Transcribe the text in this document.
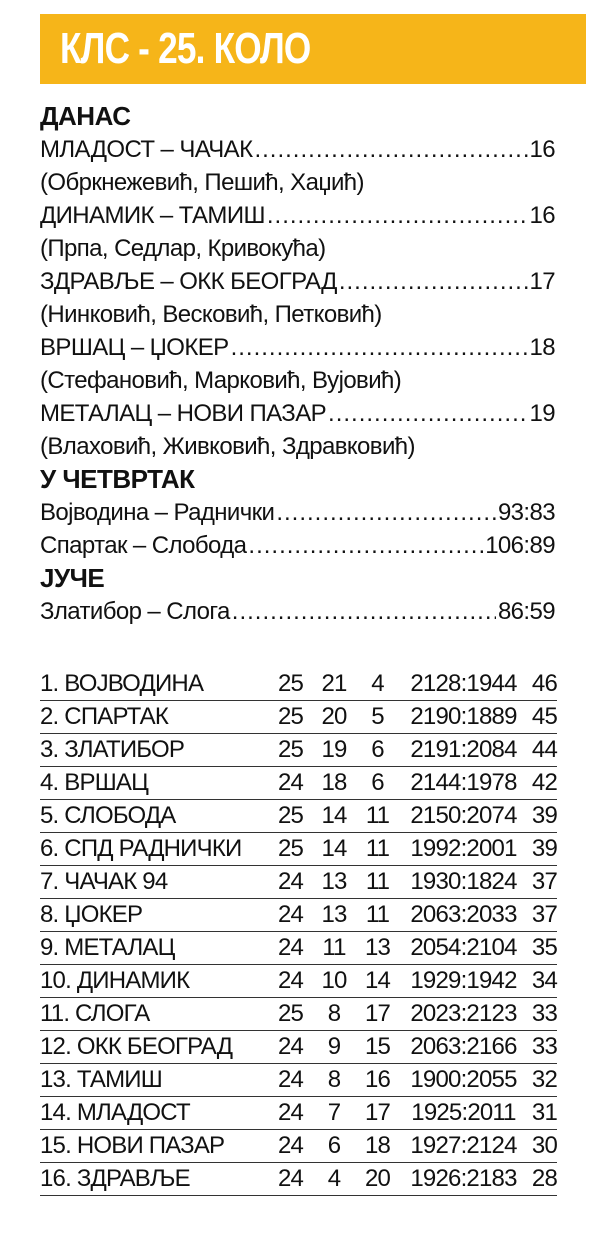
КЛС - 25. КОЛО
ДАНАС
МЛАДОСТ – ЧАЧАК .....	16
(Обркнежевић, Пешић, Хаџић)
ДИНАМИК – ТАМИШ .....	16
(Прпа, Седлар, Кривокућа)
ЗДРАВЉЕ – ОКК БЕОГРАД .....	17
(Нинковић, Весковић, Петковић)
ВРШАЦ – ЏОКЕР .....	18
(Стефановић, Марковић, Вујовић)
МЕТАЛАЦ – НОВИ ПАЗАР .....	19
(Влаховић, Живковић, Здравковић)
У ЧЕТВРТАК
Војводина – Раднички .....	93:83
Спартак – Слобода .....	106:89
ЈУЧЕ
Златибор – Слога .....	86:59
1. ВОЈВОДИНА	25	21	4	2128:1944	46
2. СПАРТАК	25	20	5	2190:1889	45
3. ЗЛАТИБОР	25	19	6	2191:2084	44
4. ВРШАЦ	24	18	6	2144:1978	42
5. СЛОБОДА	25	14	11	2150:2074	39
6. СПД РАДНИЧКИ	25	14	11	1992:2001	39
7. ЧАЧАК 94	24	13	11	1930:1824	37
8. ЏОКЕР	24	13	11	2063:2033	37
9. МЕТАЛАЦ	24	11	13	2054:2104	35
10. ДИНАМИК	24	10	14	1929:1942	34
11. СЛОГА	25	8	17	2023:2123	33
12. ОКК БЕОГРАД	24	9	15	2063:2166	33
13. ТАМИШ	24	8	16	1900:2055	32
14. МЛАДОСТ	24	7	17	1925:2011	31
15. НОВИ ПАЗАР	24	6	18	1927:2124	30
16. ЗДРАВЉЕ	24	4	20	1926:2183	28
